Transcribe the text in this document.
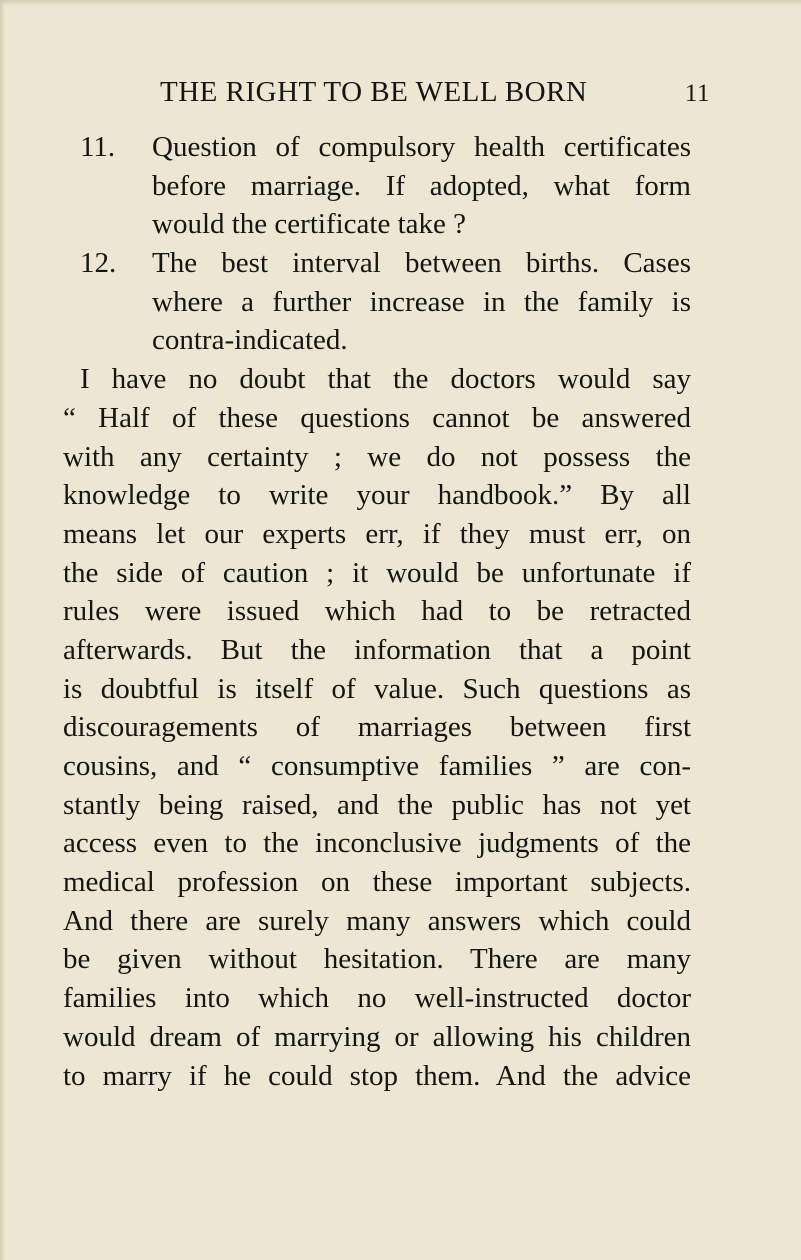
THE RIGHT TO BE WELL BORN	11
11.	Question of compulsory health certificates
before marriage. If adopted, what form
would the certificate take ?
12.	The best interval between births. Cases
where a further increase in the family is
contra-indicated.
I have no doubt that the doctors would say
“ Half of these questions cannot be answered
with any certainty ; we do not possess the
knowledge to write your handbook.” By all
means let our experts err, if they must err, on
the side of caution ; it would be unfortunate if
rules were issued which had to be retracted
afterwards. But the information that a point
is doubtful is itself of value. Such questions as
discouragements of marriages between first
cousins, and “ consumptive families ” are con-
stantly being raised, and the public has not yet
access even to the inconclusive judgments of the
medical profession on these important subjects.
And there are surely many answers which could
be given without hesitation. There are many
families into which no well-instructed doctor
would dream of marrying or allowing his children
to marry if he could stop them. And the advice
